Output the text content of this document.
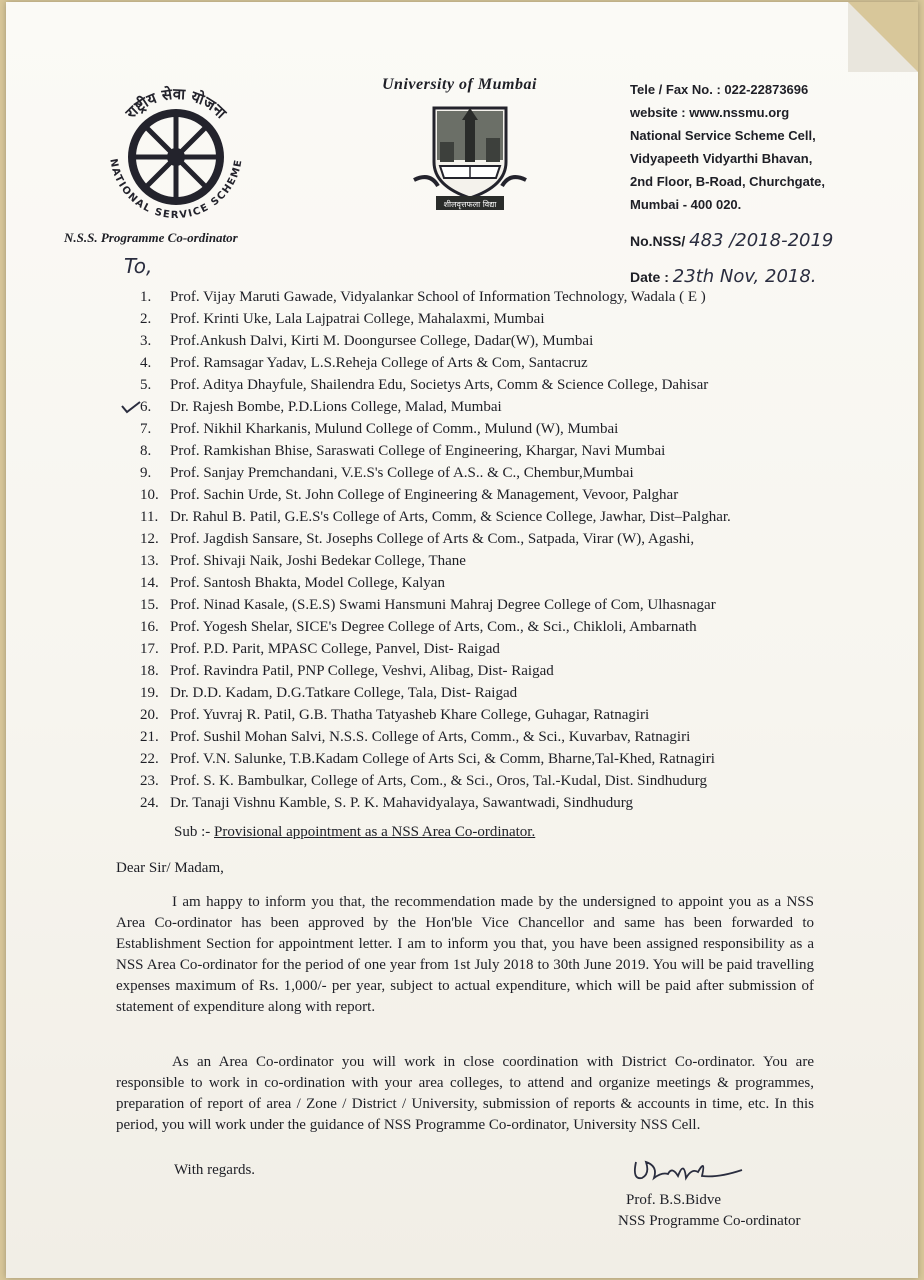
राष्ट्रीय सेवा योजना
NATIONAL SERVICE SCHEME
N.S.S. Programme Co-ordinator
University of Mumbai
शीलवृत्तफला विद्या
Tele / Fax No. : 022-22873696
website : www.nssmu.org
National Service Scheme Cell,
Vidyapeeth Vidyarthi Bhavan,
2nd Floor, B-Road, Churchgate,
Mumbai - 400 020.
No.NSS/ 483 /2018-2019
Date : 23th Nov, 2018.
To,
1.	Prof. Vijay Maruti Gawade, Vidyalankar School of Information Technology, Wadala ( E )
2.	Prof. Krinti Uke, Lala Lajpatrai College, Mahalaxmi, Mumbai
3.	Prof.Ankush Dalvi, Kirti M. Doongursee College, Dadar(W), Mumbai
4.	Prof. Ramsagar Yadav, L.S.Reheja College of Arts & Com, Santacruz
5.	Prof. Aditya Dhayfule, Shailendra Edu, Societys Arts, Comm & Science College, Dahisar
6.	Dr. Rajesh Bombe, P.D.Lions College, Malad, Mumbai
7.	Prof. Nikhil Kharkanis, Mulund College of Comm., Mulund (W), Mumbai
8.	Prof. Ramkishan Bhise, Saraswati College of Engineering, Khargar, Navi Mumbai
9.	Prof. Sanjay Premchandani, V.E.S's College of A.S.. & C., Chembur,Mumbai
10. Prof. Sachin Urde, St. John College of Engineering & Management, Vevoor, Palghar
11. Dr. Rahul B. Patil, G.E.S's College of Arts, Comm, & Science College, Jawhar, Dist–Palghar.
12. Prof. Jagdish Sansare, St. Josephs College of Arts & Com., Satpada, Virar (W), Agashi,
13. Prof. Shivaji Naik, Joshi Bedekar College, Thane
14. Prof. Santosh Bhakta, Model College, Kalyan
15. Prof. Ninad Kasale, (S.E.S) Swami Hansmuni Mahraj Degree College of Com, Ulhasnagar
16. Prof. Yogesh Shelar, SICE's Degree College of Arts, Com., & Sci., Chikloli, Ambarnath
17. Prof. P.D. Parit, MPASC College, Panvel, Dist- Raigad
18. Prof. Ravindra Patil, PNP College, Veshvi, Alibag, Dist- Raigad
19. Dr. D.D. Kadam, D.G.Tatkare College, Tala, Dist- Raigad
20. Prof. Yuvraj R. Patil, G.B. Thatha Tatyasheb Khare College, Guhagar, Ratnagiri
21. Prof. Sushil Mohan Salvi, N.S.S. College of Arts, Comm., & Sci., Kuvarbav, Ratnagiri
22. Prof. V.N. Salunke, T.B.Kadam College of Arts Sci, & Comm, Bharne,Tal-Khed, Ratnagiri
23. Prof. S. K. Bambulkar, College of Arts, Com., & Sci., Oros, Tal.-Kudal, Dist. Sindhudurg
24. Dr. Tanaji Vishnu Kamble, S. P. K. Mahavidyalaya, Sawantwadi, Sindhudurg
Sub :- Provisional appointment as a NSS Area Co-ordinator.
Dear Sir/ Madam,
I am happy to inform you that, the recommendation made by the undersigned to appoint you as a NSS Area Co-ordinator has been approved by the Hon'ble Vice Chancellor and same has been forwarded to Establishment Section for appointment letter. I am to inform you that, you have been assigned responsibility as a NSS Area Co-ordinator for the period of one year from 1st July 2018 to 30th June 2019. You will be paid travelling expenses maximum of Rs. 1,000/- per year, subject to actual expenditure, which will be paid after submission of statement of expenditure along with report.
As an Area Co-ordinator you will work in close coordination with District Co-ordinator. You are responsible to work in co-ordination with your area colleges, to attend and organize meetings & programmes, preparation of report of area / Zone / District / University, submission of reports & accounts in time, etc. In this period, you will work under the guidance of NSS Programme Co-ordinator, University NSS Cell.
With regards.
Prof. B.S.Bidve
NSS Programme Co-ordinator
